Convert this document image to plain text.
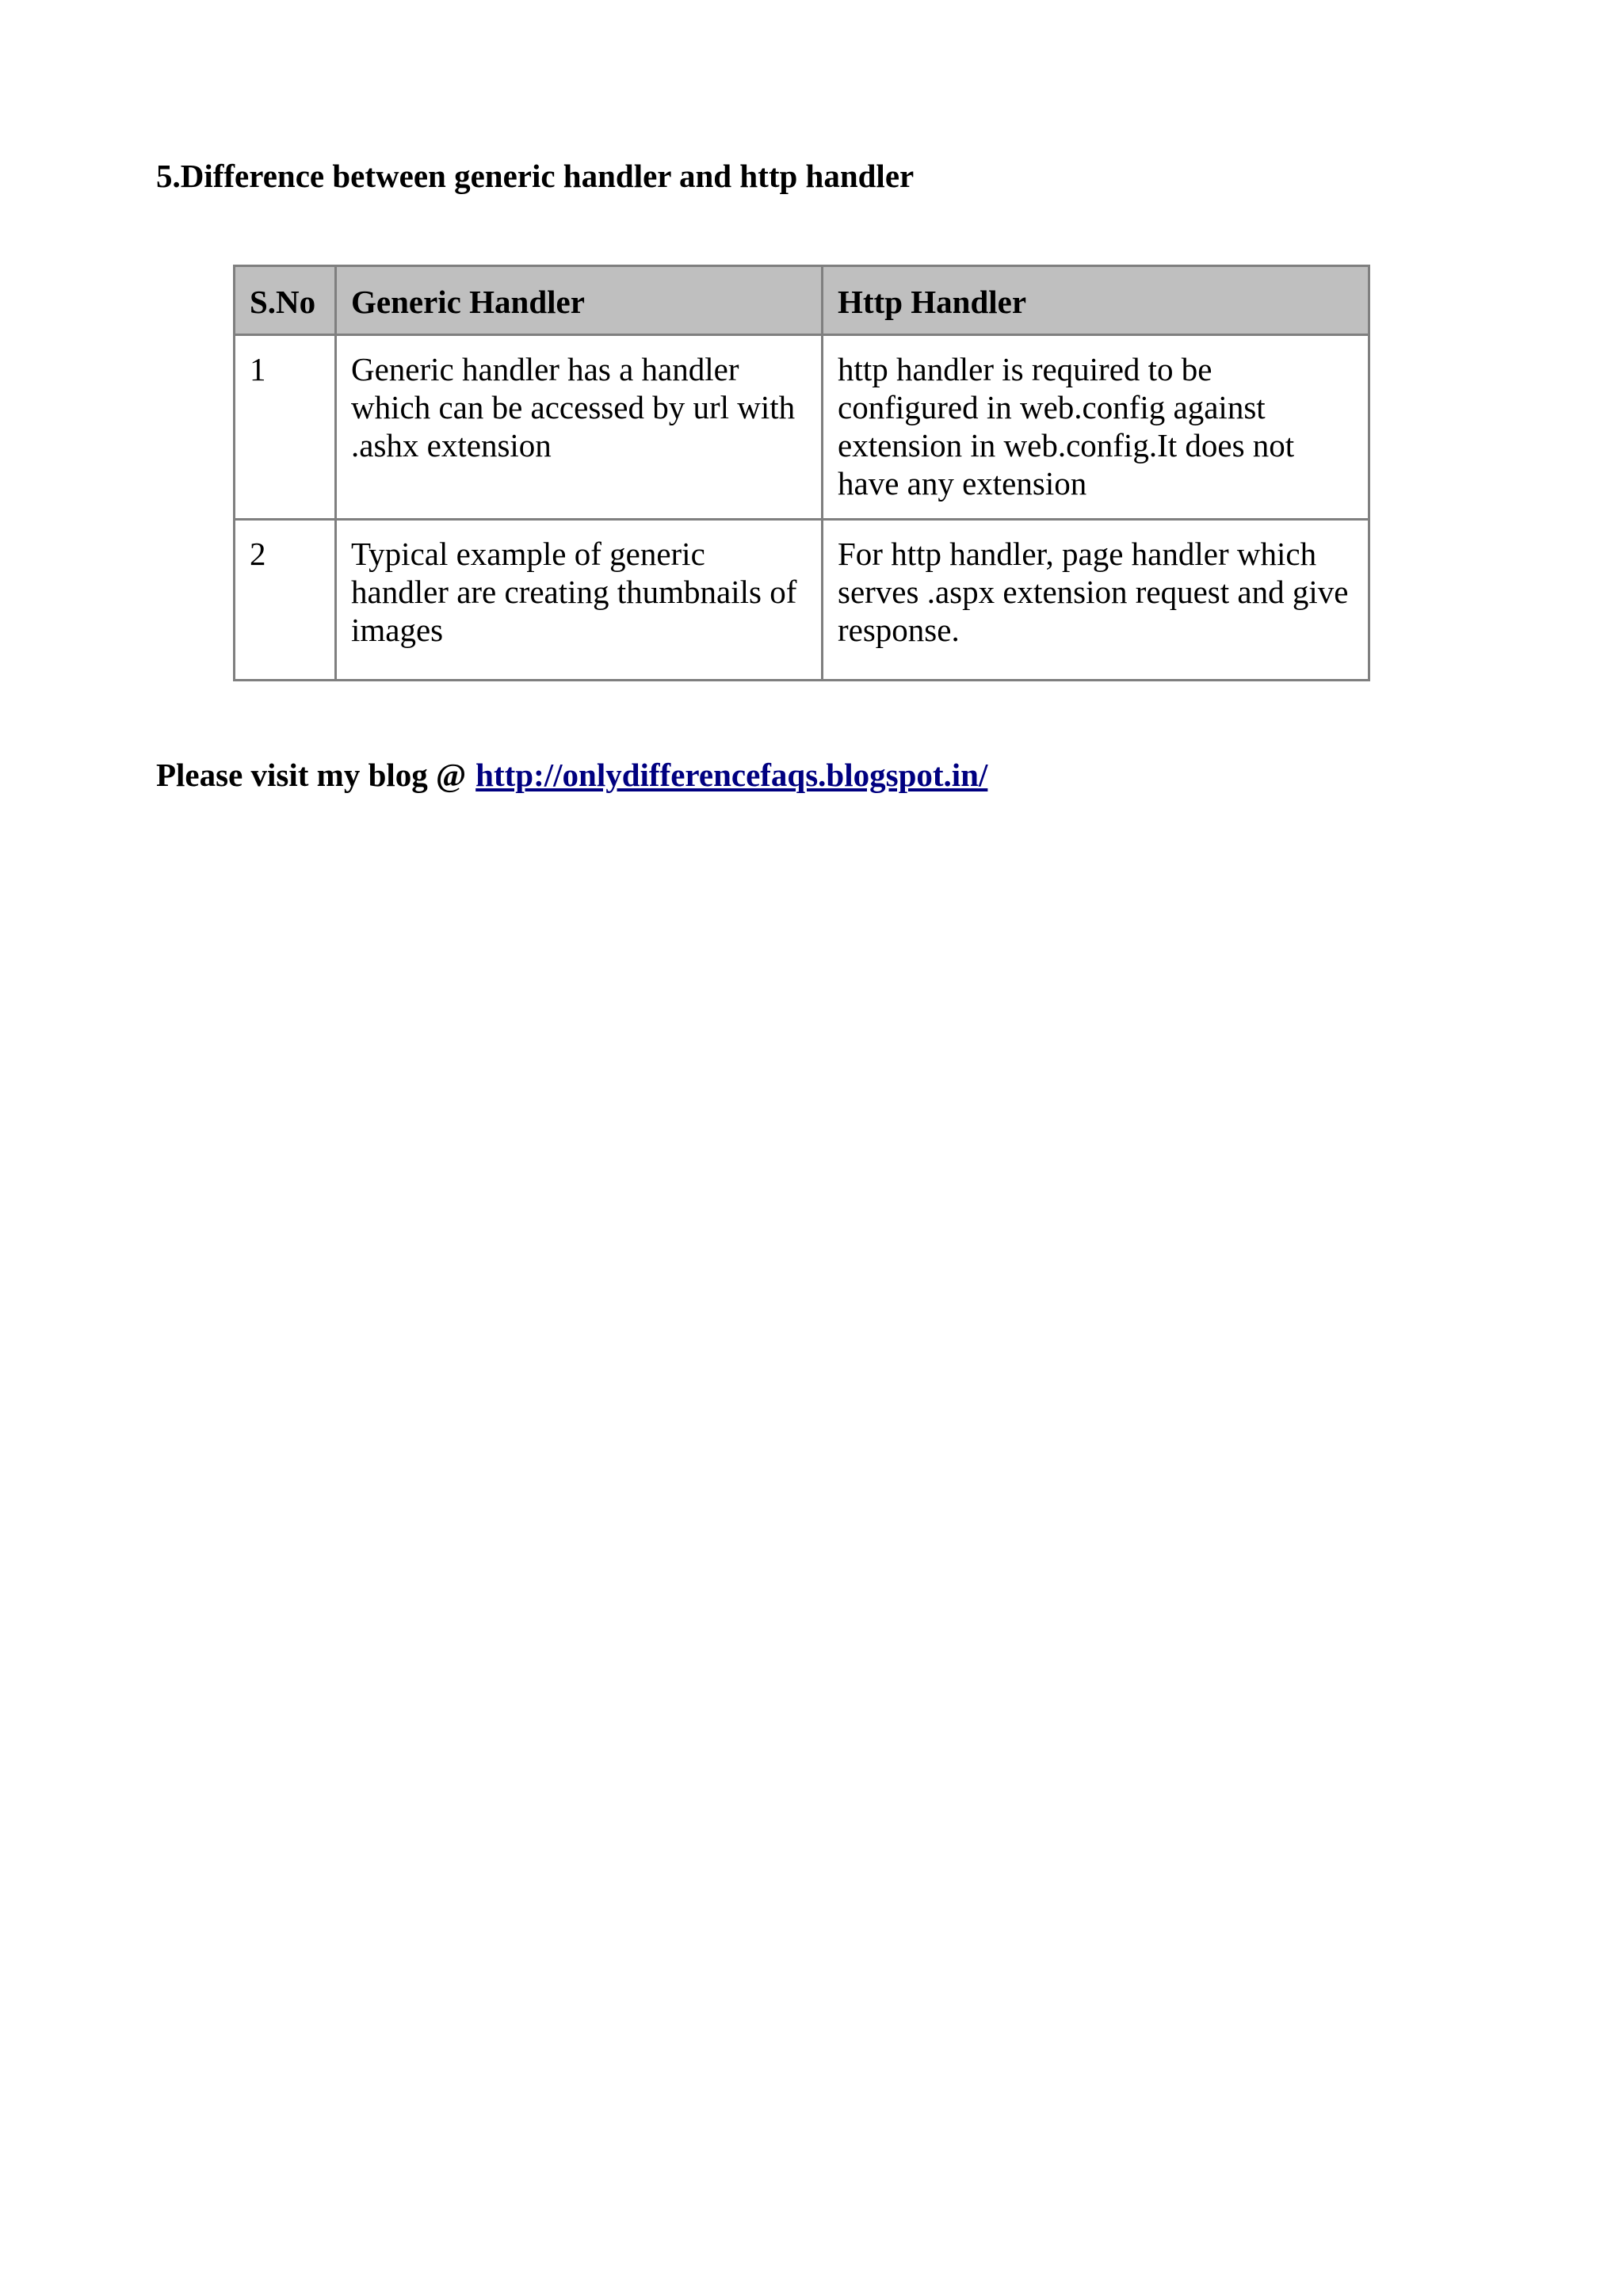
5.Difference between generic handler and http handler
S.No	Generic Handler	Http Handler
1	Generic handler has a handler which can be accessed by url with .ashx extension	http handler is required to be configured in web.config against extension in web.config.It does not have any extension
2	Typical example of generic handler are creating thumbnails of images	For http handler, page handler which serves .aspx extension request and give response.

Please visit my blog @ http://onlydifferencefaqs.blogspot.in/
